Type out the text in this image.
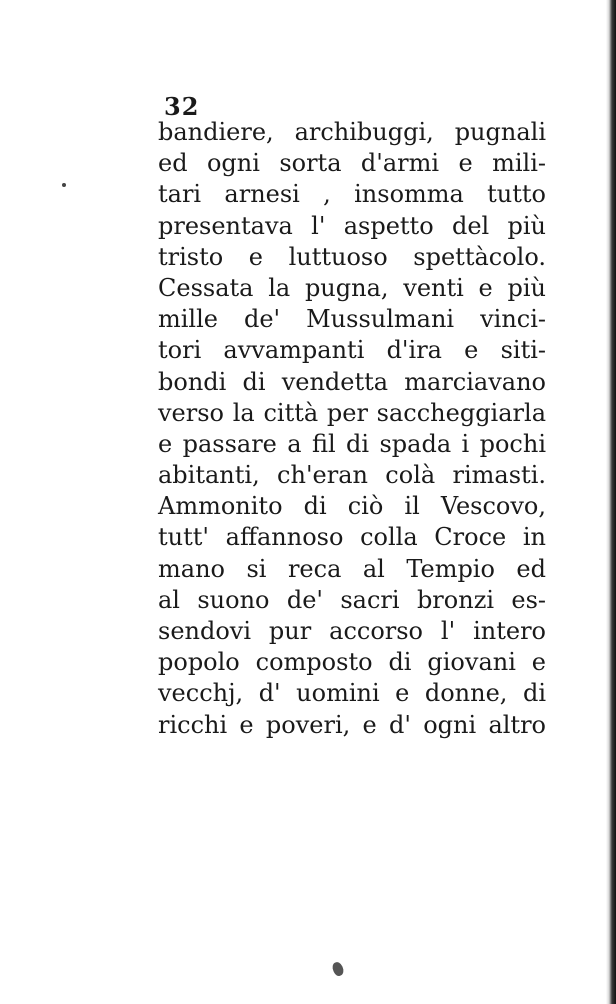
32
bandiere, archibuggi, pugnali
ed ogni sorta d'armi e mili-
tari arnesi , insomma tutto
presentava l' aspetto del più
tristo e luttuoso spettàcolo.
Cessata la pugna, venti e più
mille de' Mussulmani vinci-
tori avvampanti d'ira e siti-
bondi di vendetta marciavano
verso la città per saccheggiarla
e passare a fil di spada i pochi
abitanti, ch'eran colà rimasti.
Ammonito di ciò il Vescovo,
tutt' affannoso colla Croce in
mano si reca al Tempio ed
al suono de' sacri bronzi es-
sendovi pur accorso l' intero
popolo composto di giovani e
vecchj, d' uomini e donne, di
ricchi e poveri, e d' ogni altro
